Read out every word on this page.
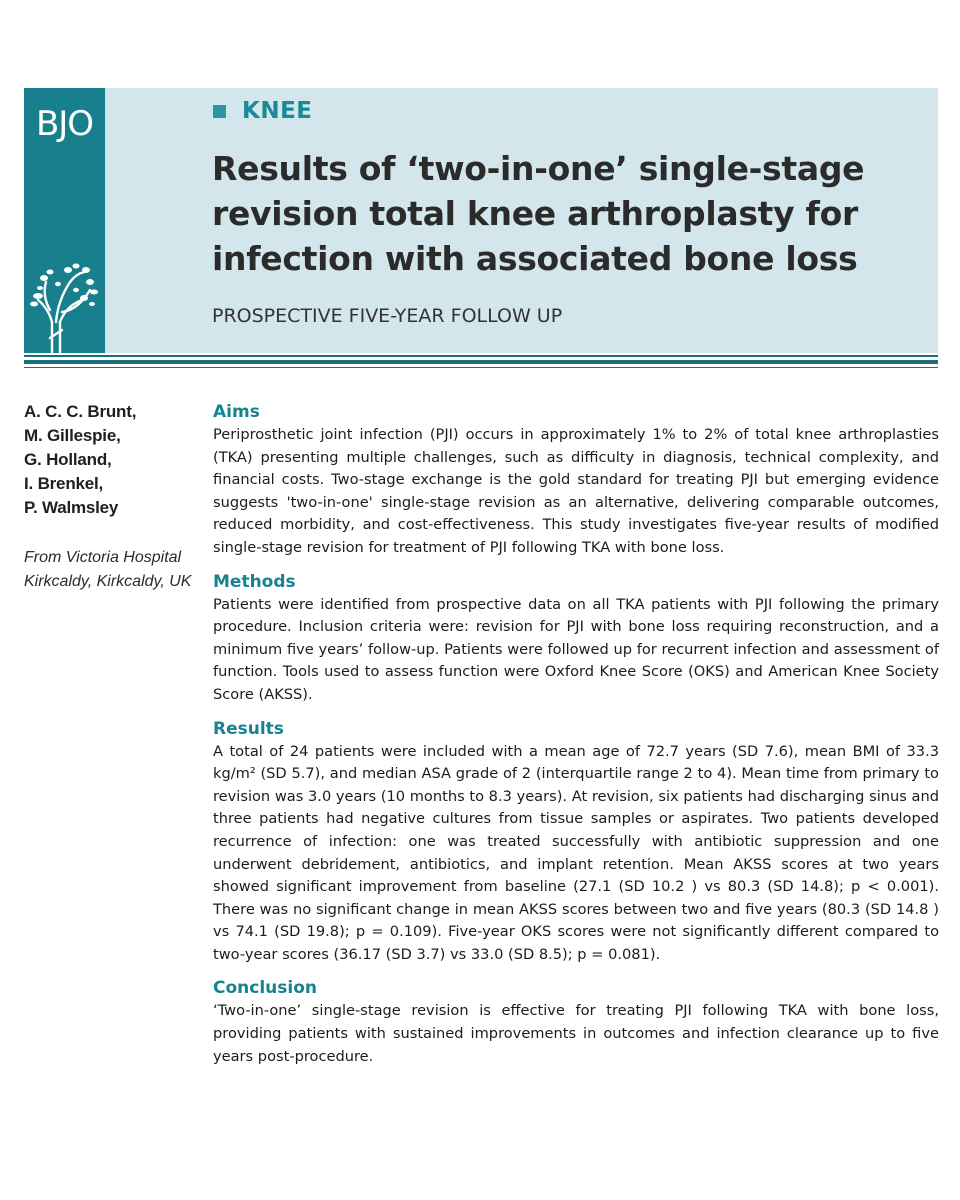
BJO	KNEE
Results of ‘two-in-one’ single-stage revision total knee arthroplasty for infection with associated bone loss
PROSPECTIVE FIVE-YEAR FOLLOW UP
A. C. C. Brunt,
M. Gillespie,
G. Holland,
I. Brenkel,
P. Walmsley
From Victoria Hospital
Kirkcaldy, Kirkcaldy, UK
Aims

Periprosthetic joint infection (PJI) occurs in approximately 1% to 2% of total knee arthroplasties (TKA) presenting multiple challenges, such as difficulty in diagnosis, technical complexity, and financial costs. Two-stage exchange is the gold standard for treating PJI but emerging evidence suggests 'two-in-one' single-stage revision as an alternative, delivering comparable outcomes, reduced morbidity, and cost-effectiveness. This study investigates five-year results of modified single-stage revision for treatment of PJI following TKA with bone loss.

Methods

Patients were identified from prospective data on all TKA patients with PJI following the primary procedure. Inclusion criteria were: revision for PJI with bone loss requiring reconstruction, and a minimum five years’ follow-up. Patients were followed up for recurrent infection and assessment of function. Tools used to assess function were Oxford Knee Score (OKS) and American Knee Society Score (AKSS).

Results

A total of 24 patients were included with a mean age of 72.7 years (SD 7.6), mean BMI of 33.3 kg/m² (SD 5.7), and median ASA grade of 2 (interquartile range 2 to 4). Mean time from primary to revision was 3.0 years (10 months to 8.3 years). At revision, six patients had discharging sinus and three patients had negative cultures from tissue samples or aspirates. Two patients developed recurrence of infection: one was treated successfully with antibiotic suppression and one underwent debridement, antibiotics, and implant retention. Mean AKSS scores at two years showed significant improvement from baseline (27.1 (SD 10.2 ) vs 80.3 (SD 14.8); p < 0.001). There was no significant change in mean AKSS scores between two and five years (80.3 (SD 14.8 ) vs 74.1 (SD 19.8); p = 0.109). Five-year OKS scores were not significantly different compared to two-year scores (36.17 (SD 3.7) vs 33.0 (SD 8.5); p = 0.081).

Conclusion

‘Two-in-one’ single-stage revision is effective for treating PJI following TKA with bone loss, providing patients with sustained improvements in outcomes and infection clearance up to five years post-procedure.
